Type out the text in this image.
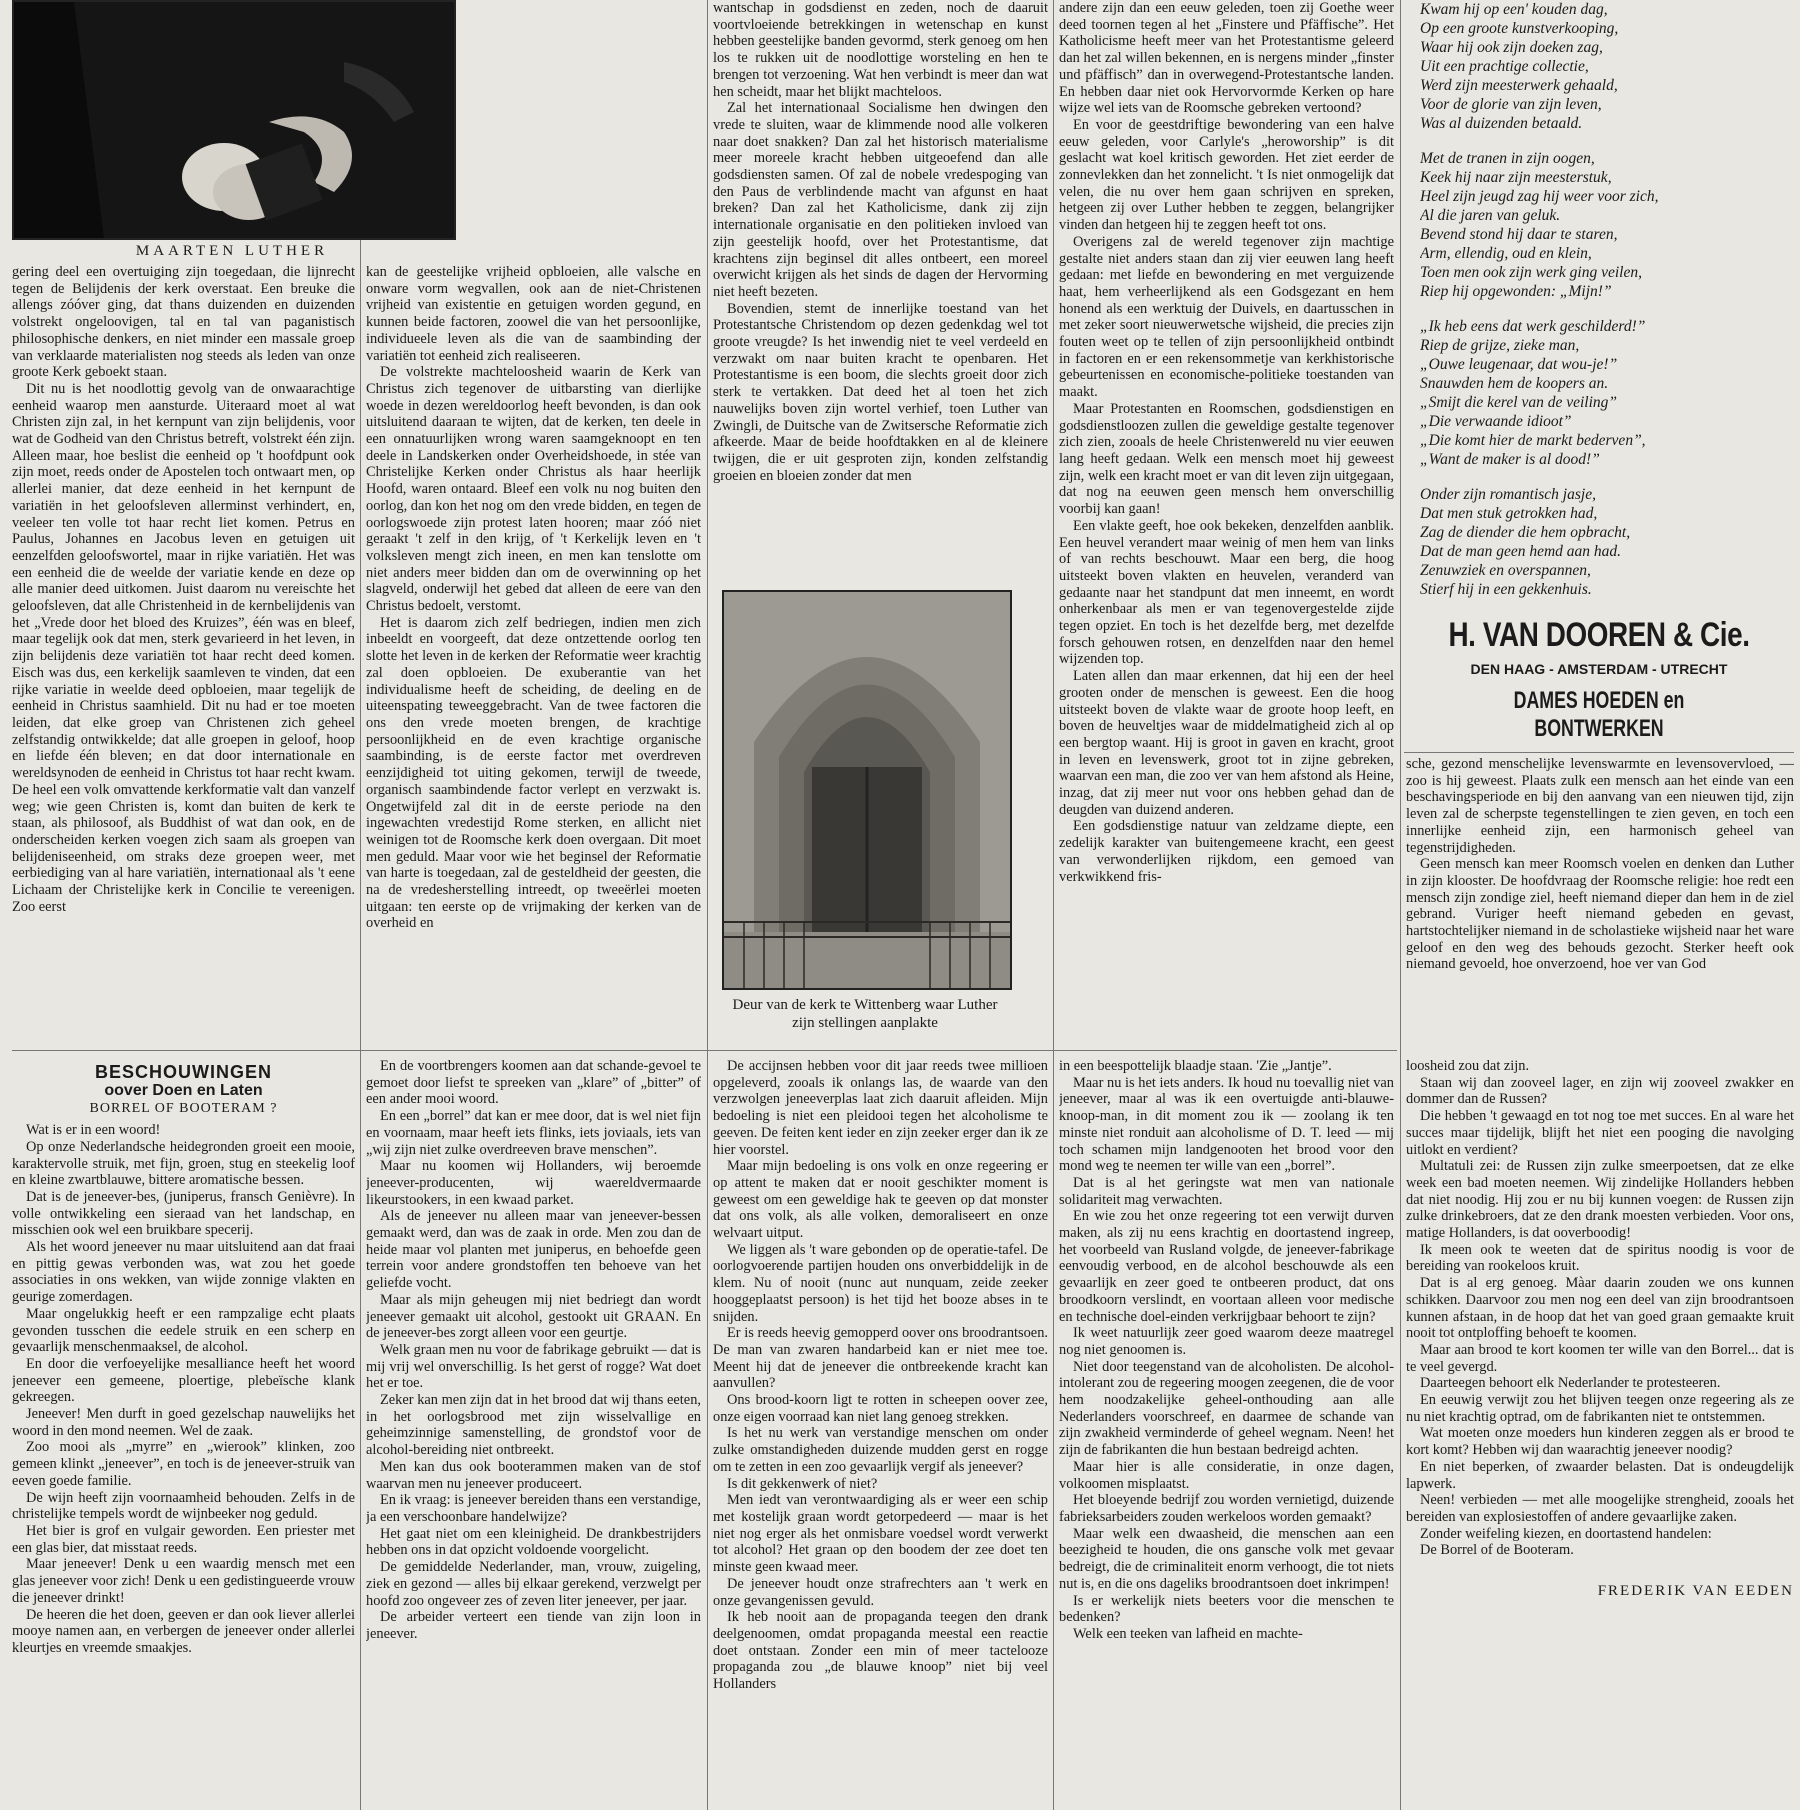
MAARTEN LUTHER

gering deel een overtuiging zijn toegedaan, die lijnrecht tegen de Belijdenis der kerk overstaat. Een breuke die allengs zóóver ging, dat thans duizenden en duizenden volstrekt ongeloovigen, tal en tal van paganistisch philosophische denkers, en niet minder een massale groep van verklaarde materialisten nog steeds als leden van onze groote Kerk geboekt staan.

Dit nu is het noodlottig gevolg van de onwaarachtige eenheid waarop men aansturde. Uiteraard moet al wat Christen zijn zal, in het kernpunt van zijn belijdenis, voor wat de Godheid van den Christus betreft, volstrekt één zijn. Alleen maar, hoe beslist die eenheid op 't hoofdpunt ook zijn moet, reeds onder de Apostelen toch ontwaart men, op allerlei manier, dat deze eenheid in het kernpunt de variatiën in het geloofsleven allerminst verhindert, en, veeleer ten volle tot haar recht liet komen. Petrus en Paulus, Johannes en Jacobus leven en getuigen uit eenzelfden geloofswortel, maar in rijke variatiën. Het was een eenheid die de weelde der variatie kende en deze op alle manier deed uitkomen. Juist daarom nu vereischte het geloofsleven, dat alle Christenheid in de kernbelijdenis van het „Vrede door het bloed des Kruizes”, één was en bleef, maar tegelijk ook dat men, sterk gevarieerd in het leven, in zijn belijdenis deze variatiën tot haar recht deed komen. Eisch was dus, een kerkelijk saamleven te vinden, dat een rijke variatie in weelde deed opbloeien, maar tegelijk de eenheid in Christus saamhield. Dit nu had er toe moeten leiden, dat elke groep van Christenen zich geheel zelfstandig ontwikkelde; dat alle groepen in geloof, hoop en liefde één bleven; en dat door internationale en wereldsynoden de eenheid in Christus tot haar recht kwam. De heel een volk omvattende kerkformatie valt dan vanzelf weg; wie geen Christen is, komt dan buiten de kerk te staan, als philosoof, als Buddhist of wat dan ook, en de onderscheiden kerken voegen zich saam als groepen van belijdeniseenheid, om straks deze groepen weer, met eerbiediging van al hare variatiën, internationaal als 't eene Lichaam der Christelijke kerk in Concilie te vereenigen. Zoo eerst

kan de geestelijke vrijheid opbloeien, alle valsche en onware vorm wegvallen, ook aan de niet-Christenen vrijheid van existentie en getuigen worden gegund, en kunnen beide factoren, zoowel die van het persoonlijke, individueele leven als die van de saambinding der variatiën tot eenheid zich realiseeren.

De volstrekte machteloosheid waarin de Kerk van Christus zich tegenover de uitbarsting van dierlijke woede in dezen wereldoorlog heeft bevonden, is dan ook uitsluitend daaraan te wijten, dat de kerken, ten deele in een onnatuurlijken wrong waren saamgeknoopt en ten deele in Landskerken onder Overheidshoede, in stée van Christelijke Kerken onder Christus als haar heerlijk Hoofd, waren ontaard. Bleef een volk nu nog buiten den oorlog, dan kon het nog om den vrede bidden, en tegen de oorlogswoede zijn protest laten hooren; maar zóó niet geraakt 't zelf in den krijg, of 't Kerkelijk leven en 't volksleven mengt zich ineen, en men kan tenslotte om niet anders meer bidden dan om de overwinning op het slagveld, onderwijl het gebed dat alleen de eere van den Christus bedoelt, verstomt.

Het is daarom zich zelf bedriegen, indien men zich inbeeldt en voorgeeft, dat deze ontzettende oorlog ten slotte het leven in de kerken der Reformatie weer krachtig zal doen opbloeien. De exuberantie van het individualisme heeft de scheiding, de deeling en de uiteenspating teweeggebracht. Van de twee factoren die ons den vrede moeten brengen, de krachtige persoonlijkheid en de even krachtige organische saambinding, is de eerste factor met overdreven eenzijdigheid tot uiting gekomen, terwijl de tweede, organisch saambindende factor verlept en verzwakt is. Ongetwijfeld zal dit in de eerste periode na den ingewachten vredestijd Rome sterken, en allicht niet weinigen tot de Roomsche kerk doen overgaan. Dit moet men geduld. Maar voor wie het beginsel der Reformatie van harte is toegedaan, zal de gesteldheid der geesten, die na de vredesherstelling intreedt, op tweeërlei moeten uitgaan: ten eerste op de vrijmaking der kerken van de overheid en

wantschap in godsdienst en zeden, noch de daaruit voortvloeiende betrekkingen in wetenschap en kunst hebben geestelijke banden gevormd, sterk genoeg om hen los te rukken uit de noodlottige worsteling en hen te brengen tot verzoening. Wat hen verbindt is meer dan wat hen scheidt, maar het blijkt machteloos.

Zal het internationaal Socialisme hen dwingen den vrede te sluiten, waar de klimmende nood alle volkeren naar doet snakken? Dan zal het historisch materialisme meer moreele kracht hebben uitgeoefend dan alle godsdiensten samen. Of zal de nobele vredespoging van den Paus de verblindende macht van afgunst en haat breken? Dan zal het Katholicisme, dank zij zijn internationale organisatie en den politieken invloed van zijn geestelijk hoofd, over het Protestantisme, dat krachtens zijn beginsel dit alles ontbeert, een moreel overwicht krijgen als het sinds de dagen der Hervorming niet heeft bezeten.

Bovendien, stemt de innerlijke toestand van het Protestantsche Christendom op dezen gedenkdag wel tot groote vreugde? Is het inwendig niet te veel verdeeld en verzwakt om naar buiten kracht te openbaren. Het Protestantisme is een boom, die slechts groeit door zich sterk te vertakken. Dat deed het al toen het zich nauwelijks boven zijn wortel verhief, toen Luther van Zwingli, de Duitsche van de Zwitsersche Reformatie zich afkeerde. Maar de beide hoofdtakken en al de kleinere twijgen, die er uit gesproten zijn, konden zelfstandig groeien en bloeien zonder dat men

Deur van de kerk te Wittenberg waar Luther zijn stellingen aanplakte

andere zijn dan een eeuw geleden, toen zij Goethe weer deed toornen tegen al het „Finstere und Pfäffische”. Het Katholicisme heeft meer van het Protestantisme geleerd dan het zal willen bekennen, en is nergens minder „finster und pfäffisch” dan in overwegend-Protestantsche landen. En hebben daar niet ook Hervorvormde Kerken op hare wijze wel iets van de Roomsche gebreken vertoond?

En voor de geestdriftige bewondering van een halve eeuw geleden, voor Carlyle's „heroworship” is dit geslacht wat koel kritisch geworden. Het ziet eerder de zonnevlekken dan het zonnelicht. 't Is niet onmogelijk dat velen, die nu over hem gaan schrijven en spreken, hetgeen zij over Luther hebben te zeggen, belangrijker vinden dan hetgeen hij te zeggen heeft tot ons.

Overigens zal de wereld tegenover zijn machtige gestalte niet anders staan dan zij vier eeuwen lang heeft gedaan: met liefde en bewondering en met verguizende haat, hem verheerlijkend als een Godsgezant en hem honend als een werktuig der Duivels, en daartusschen in met zeker soort nieuwerwetsche wijsheid, die precies zijn fouten weet op te tellen of zijn persoonlijkheid ontbindt in factoren en er een rekensommetje van kerkhistorische gebeurtenissen en economische-politieke toestanden van maakt.

Maar Protestanten en Roomschen, godsdienstigen en godsdienstloozen zullen die geweldige gestalte tegenover zich zien, zooals de heele Christenwereld nu vier eeuwen lang heeft gedaan. Welk een mensch moet hij geweest zijn, welk een kracht moet er van dit leven zijn uitgegaan, dat nog na eeuwen geen mensch hem onverschillig voorbij kan gaan!

Een vlakte geeft, hoe ook bekeken, denzelfden aanblik. Een heuvel verandert maar weinig of men hem van links of van rechts beschouwt. Maar een berg, die hoog uitsteekt boven vlakten en heuvelen, veranderd van gedaante naar het standpunt dat men inneemt, en wordt onherkenbaar als men er van tegenovergestelde zijde tegen opziet. En toch is het dezelfde berg, met dezelfde forsch gehouwen rotsen, en denzelfden naar den hemel wijzenden top.

Laten allen dan maar erkennen, dat hij een der heel grooten onder de menschen is geweest. Een die hoog uitsteekt boven de vlakte waar de groote hoop leeft, en boven de heuveltjes waar de middelmatigheid zich al op een bergtop waant. Hij is groot in gaven en kracht, groot in leven en levenswerk, groot tot in zijne gebreken, waarvan een man, die zoo ver van hem afstond als Heine, inzag, dat zij meer nut voor ons hebben gehad dan de deugden van duizend anderen.

Een godsdienstige natuur van zeldzame diepte, een zedelijk karakter van buitengemeene kracht, een geest van verwonderlijken rijkdom, een gemoed van verkwikkend fris-

Kwam hij op een' kouden dag,
Op een groote kunstverkooping,
Waar hij ook zijn doeken zag,
Uit een prachtige collectie,
Werd zijn meesterwerk gehaald,
Voor de glorie van zijn leven,
Was al duizenden betaald.
Met de tranen in zijn oogen,
Keek hij naar zijn meesterstuk,
Heel zijn jeugd zag hij weer voor zich,
Al die jaren van geluk.
Bevend stond hij daar te staren,
Arm, ellendig, oud en klein,
Toen men ook zijn werk ging veilen,
Riep hij opgewonden: „Mijn!”
„Ik heb eens dat werk geschilderd!”
Riep de grijze, zieke man,
„Ouwe leugenaar, dat wou-je!”
Snauwden hem de koopers an.
„Smijt die kerel van de veiling”
„Die verwaande idioot”
„Die komt hier de markt bederven”,
„Want de maker is al dood!”
Onder zijn romantisch jasje,
Dat men stuk getrokken had,
Zag de diender die hem opbracht,
Dat de man geen hemd aan had.
Zenuwziek en overspannen,
Stierf hij in een gekkenhuis.
H. VAN DOOREN & Cie.
DEN HAAG - AMSTERDAM - UTRECHT
DAMES HOEDEN en BONTWERKEN

sche, gezond menschelijke levenswarmte en levensovervloed, — zoo is hij geweest. Plaats zulk een mensch aan het einde van een beschavingsperiode en bij den aanvang van een nieuwen tijd, zijn leven zal de scherpste tegenstellingen te zien geven, en toch een innerlijke eenheid zijn, een harmonisch geheel van tegenstrijdigheden.

Geen mensch kan meer Roomsch voelen en denken dan Luther in zijn klooster. De hoofdvraag der Roomsche religie: hoe redt een mensch zijn zondige ziel, heeft niemand dieper dan hem in de ziel gebrand. Vuriger heeft niemand gebeden en gevast, hartstochtelijker niemand in de scholastieke wijsheid naar het ware geloof en den weg des behouds gezocht. Sterker heeft ook niemand gevoeld, hoe onverzoend, hoe ver van God

BESCHOUWINGEN
oover Doen en Laten
BORREL OF BOOTERAM ?

Wat is er in een woord!

Op onze Nederlandsche heidegronden groeit een mooie, karaktervolle struik, met fijn, groen, stug en steekelig loof en kleine zwartblauwe, bittere aromatische bessen.

Dat is de jeneever-bes, (juniperus, fransch Genièvre). In volle ontwikkeling een sieraad van het landschap, en misschien ook wel een bruikbare specerij.

Als het woord jeneever nu maar uitsluitend aan dat fraai en pittig gewas verbonden was, wat zou het goede associaties in ons wekken, van wijde zonnige vlakten en geurige zomerdagen.

Maar ongelukkig heeft er een rampzalige echt plaats gevonden tusschen die eedele struik en een scherp en gevaarlijk menschenmaaksel, de alcohol.

En door die verfoeyelijke mesalliance heeft het woord jeneever een gemeene, ploertige, plebeïsche klank gekreegen.

Jeneever! Men durft in goed gezelschap nauwelijks het woord in den mond neemen. Wel de zaak.

Zoo mooi als „myrre” en „wierook” klinken, zoo gemeen klinkt „jeneever”, en toch is de jeneever-struik van eeven goede familie.

De wijn heeft zijn voornaamheid behouden. Zelfs in de christelijke tempels wordt de wijnbeeker nog geduld.

Het bier is grof en vulgair geworden. Een priester met een glas bier, dat misstaat reeds.

Maar jeneever! Denk u een waardig mensch met een glas jeneever voor zich! Denk u een gedistingueerde vrouw die jeneever drinkt!

De heeren die het doen, geeven er dan ook liever allerlei mooye namen aan, en verbergen de jeneever onder allerlei kleurtjes en vreemde smaakjes.

En de voortbrengers koomen aan dat schande-gevoel te gemoet door liefst te spreeken van „klare” of „bitter” of een ander mooi woord.

En een „borrel” dat kan er mee door, dat is wel niet fijn en voornaam, maar heeft iets flinks, iets joviaals, iets van „wij zijn niet zulke overdreeven brave menschen”.

Maar nu koomen wij Hollanders, wij beroemde jeneever-producenten, wij waereldvermaarde likeurstookers, in een kwaad parket.

Als de jeneever nu alleen maar van jeneever-bessen gemaakt werd, dan was de zaak in orde. Men zou dan de heide maar vol planten met juniperus, en behoefde geen terrein voor andere grondstoffen ten behoeve van het geliefde vocht.

Maar als mijn geheugen mij niet bedriegt dan wordt jeneever gemaakt uit alcohol, gestookt uit GRAAN. En de jeneever-bes zorgt alleen voor een geurtje.

Welk graan men nu voor de fabrikage gebruikt — dat is mij vrij wel onverschillig. Is het gerst of rogge? Wat doet het er toe.

Zeker kan men zijn dat in het brood dat wij thans eeten, in het oorlogsbrood met zijn wisselvallige en geheimzinnige samenstelling, de grondstof voor de alcohol-bereiding niet ontbreekt.

Men kan dus ook booterammen maken van de stof waarvan men nu jeneever produceert.

En ik vraag: is jeneever bereiden thans een verstandige, ja een verschoonbare handelwijze?

Het gaat niet om een kleinigheid. De drankbestrijders hebben ons in dat opzicht voldoende voorgelicht.

De gemiddelde Nederlander, man, vrouw, zuigeling, ziek en gezond — alles bij elkaar gerekend, verzwelgt per hoofd zoo ongeveer zes of zeven liter jeneever, per jaar.

De arbeider verteert een tiende van zijn loon in jeneever.

De accijnsen hebben voor dit jaar reeds twee millioen opgeleverd, zooals ik onlangs las, de waarde van den verzwolgen jeneeverplas laat zich daaruit afleiden. Mijn bedoeling is niet een pleidooi tegen het alcoholisme te geeven. De feiten kent ieder en zijn zeeker erger dan ik ze hier voorstel.

Maar mijn bedoeling is ons volk en onze regeering er op attent te maken dat er nooit geschikter moment is geweest om een geweldige hak te geeven op dat monster dat ons volk, als alle volken, demoraliseert en onze welvaart uitput.

We liggen als 't ware gebonden op de operatie-tafel. De oorlogvoerende partijen houden ons onverbiddelijk in de klem. Nu of nooit (nunc aut nunquam, zeide zeeker hooggeplaatst persoon) is het tijd het booze abses in te snijden.

Er is reeds heevig gemopperd oover ons broodrantsoen. De man van zwaren handarbeid kan er niet mee toe. Meent hij dat de jeneever die ontbreekende kracht kan aanvullen?

Ons brood-koorn ligt te rotten in scheepen oover zee, onze eigen voorraad kan niet lang genoeg strekken.

Is het nu werk van verstandige menschen om onder zulke omstandigheden duizende mudden gerst en rogge om te zetten in een zoo gevaarlijk vergif als jeneever?

Is dit gekkenwerk of niet?

Men iedt van verontwaardiging als er weer een schip met kostelijk graan wordt getorpedeerd — maar is het niet nog erger als het onmisbare voedsel wordt verwerkt tot alcohol? Het graan op den boodem der zee doet ten minste geen kwaad meer.

De jeneever houdt onze strafrechters aan 't werk en onze gevangenissen gevuld.

Ik heb nooit aan de propaganda teegen den drank deelgenoomen, omdat propaganda meestal een reactie doet ontstaan. Zonder een min of meer tactelooze propaganda zou „de blauwe knoop” niet bij veel Hollanders

in een beespottelijk blaadje staan. 'Zie „Jantje”.

Maar nu is het iets anders. Ik houd nu toevallig niet van jeneever, maar al was ik een overtuigde anti-blauwe-knoop-man, in dit moment zou ik — zoolang ik ten minste niet ronduit aan alcoholisme of D. T. leed — mij toch schamen mijn landgenooten het brood voor den mond weg te neemen ter wille van een „borrel”.

Dat is al het geringste wat men van nationale solidariteit mag verwachten.

En wie zou het onze regeering tot een verwijt durven maken, als zij nu eens krachtig en doortastend ingreep, het voorbeeld van Rusland volgde, de jeneever-fabrikage eenvoudig verbood, en de alcohol beschouwde als een gevaarlijk en zeer goed te ontbeeren product, dat ons broodkoorn verslindt, en voortaan alleen voor medische en technische doel-einden verkrijgbaar behoort te zijn?

Ik weet natuurlijk zeer goed waarom deeze maatregel nog niet genoomen is.

Niet door teegenstand van de alcoholisten. De alcohol-intolerant zou de regeering moogen zeegenen, die de voor hem noodzakelijke geheel-onthouding aan alle Nederlanders voorschreef, en daarmee de schande van zijn zwakheid verminderde of geheel wegnam. Neen! het zijn de fabrikanten die hun bestaan bedreigd achten.

Maar hier is alle consideratie, in onze dagen, volkoomen misplaatst.

Het bloeyende bedrijf zou worden vernietigd, duizende fabrieksarbeiders zouden werkeloos worden gemaakt?

Maar welk een dwaasheid, die menschen aan een beezigheid te houden, die ons gansche volk met gevaar bedreigt, die de criminaliteit enorm verhoogt, die tot niets nut is, en die ons dageliks broodrantsoen doet inkrimpen!

Is er werkelijk niets beeters voor die menschen te bedenken?

Welk een teeken van lafheid en machte-

loosheid zou dat zijn.

Staan wij dan zooveel lager, en zijn wij zooveel zwakker en dommer dan de Russen?

Die hebben 't gewaagd en tot nog toe met succes. En al ware het succes maar tijdelijk, blijft het niet een pooging die navolging uitlokt en verdient?

Multatuli zei: de Russen zijn zulke smeerpoetsen, dat ze elke week een bad moeten neemen. Wij zindelijke Hollanders hebben dat niet noodig. Hij zou er nu bij kunnen voegen: de Russen zijn zulke drinkebroers, dat ze den drank moesten verbieden. Voor ons, matige Hollanders, is dat ooverboodig!

Ik meen ook te weeten dat de spiritus noodig is voor de bereiding van rookeloos kruit.

Dat is al erg genoeg. Màar daarin zouden we ons kunnen schikken. Daarvoor zou men nog een deel van zijn broodrantsoen kunnen afstaan, in de hoop dat het van goed graan gemaakte kruit nooit tot ontploffing behoeft te koomen.

Maar aan brood te kort koomen ter wille van den Borrel... dat is te veel gevergd.

Daarteegen behoort elk Nederlander te protesteeren.

En eeuwig verwijt zou het blijven teegen onze regeering als ze nu niet krachtig optrad, om de fabrikanten niet te ontstemmen.

Wat moeten onze moeders hun kinderen zeggen als er brood te kort komt? Hebben wij dan waarachtig jeneever noodig?

En niet beperken, of zwaarder belasten. Dat is ondeugdelijk lapwerk.

Neen! verbieden — met alle moogelijke strengheid, zooals het bereiden van explosiestoffen of andere gevaarlijke zaken.

Zonder weifeling kiezen, en doortastend handelen:

De Borrel of de Booteram.

FREDERIK VAN EEDEN
